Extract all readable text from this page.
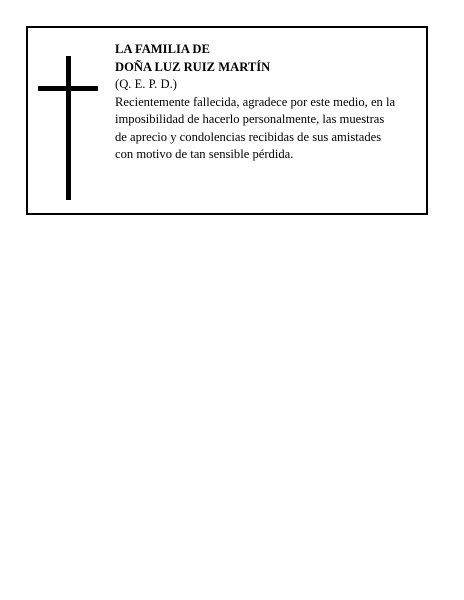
LA FAMILIA DE
DOÑA LUZ RUIZ MARTÍN
(Q. E. P. D.)
Recientemente fallecida, agradece por este medio, en la
imposibilidad de hacerlo personalmente, las muestras
de aprecio y condolencias recibidas de sus amistades
con motivo de tan sensible pérdida.
